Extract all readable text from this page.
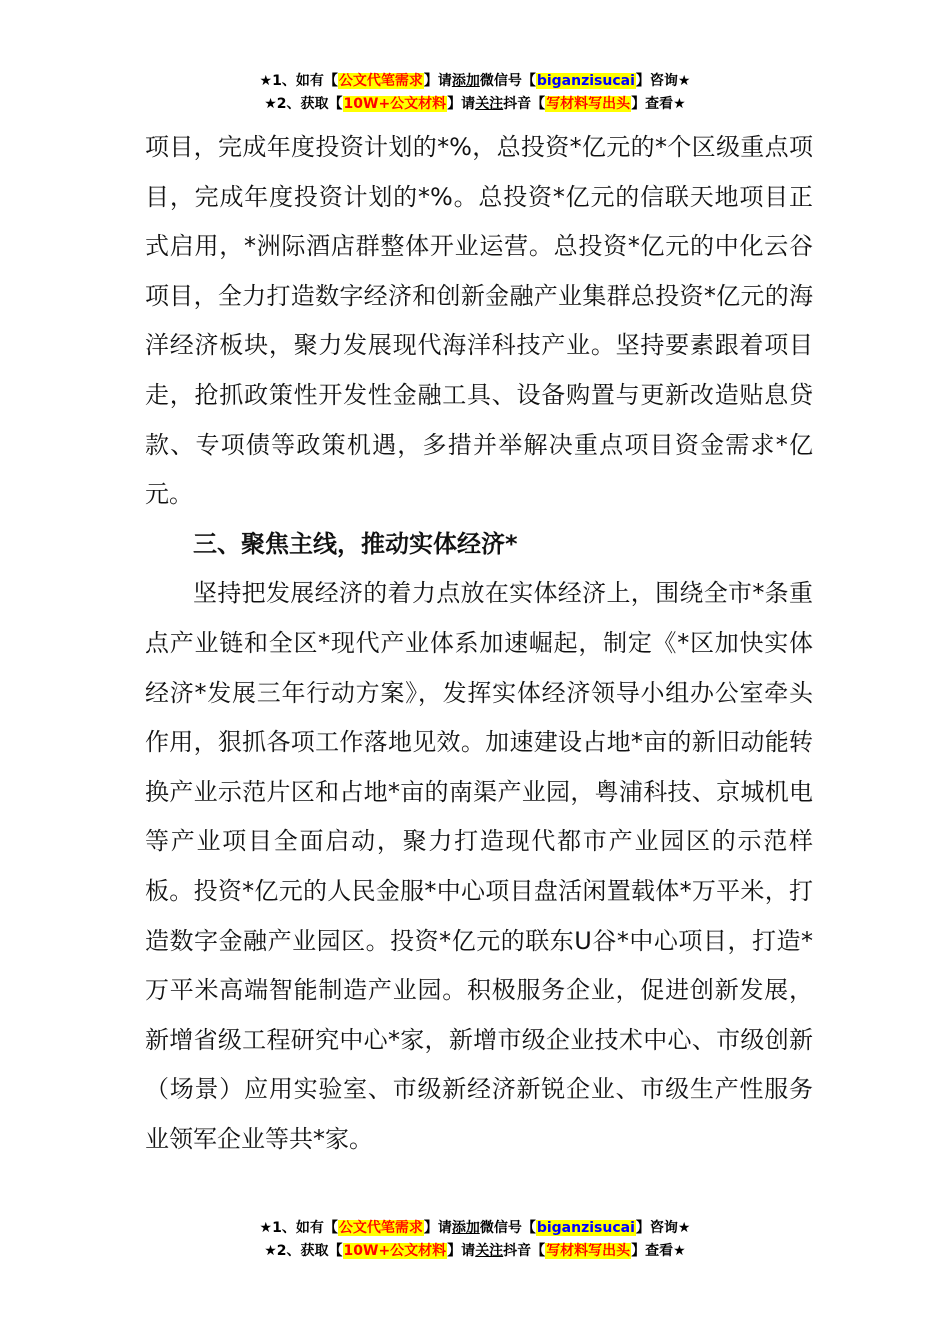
★1、如有【公文代笔需求】请添加微信号【biganzisucai】咨询★
★2、获取【10W+公文材料】请关注抖音【写材料写出头】查看★

项目，完成年度投资计划的*%，总投资*亿元的*个区级重点项目，完成年度投资计划的*%。总投资*亿元的信联天地项目正式启用，*洲际酒店群整体开业运营。总投资*亿元的中化云谷项目，全力打造数字经济和创新金融产业集群总投资*亿元的海洋经济板块，聚力发展现代海洋科技产业。坚持要素跟着项目走，抢抓政策性开发性金融工具、设备购置与更新改造贴息贷款、专项债等政策机遇，多措并举解决重点项目资金需求*亿元。

三、聚焦主线，推动实体经济*

坚持把发展经济的着力点放在实体经济上，围绕全市*条重点产业链和全区*现代产业体系加速崛起，制定《*区加快实体经济*发展三年行动方案》，发挥实体经济领导小组办公室牵头作用，狠抓各项工作落地见效。加速建设占地*亩的新旧动能转换产业示范片区和占地*亩的南渠产业园，粤浦科技、京城机电等产业项目全面启动，聚力打造现代都市产业园区的示范样板。投资*亿元的人民金服*中心项目盘活闲置载体*万平米，打造数字金融产业园区。投资*亿元的联东U谷*中心项目，打造*万平米高端智能制造产业园。积极服务企业，促进创新发展，新增省级工程研究中心*家，新增市级企业技术中心、市级创新（场景）应用实验室、市级新经济新锐企业、市级生产性服务业领军企业等共*家。

★1、如有【公文代笔需求】请添加微信号【biganzisucai】咨询★
★2、获取【10W+公文材料】请关注抖音【写材料写出头】查看★
